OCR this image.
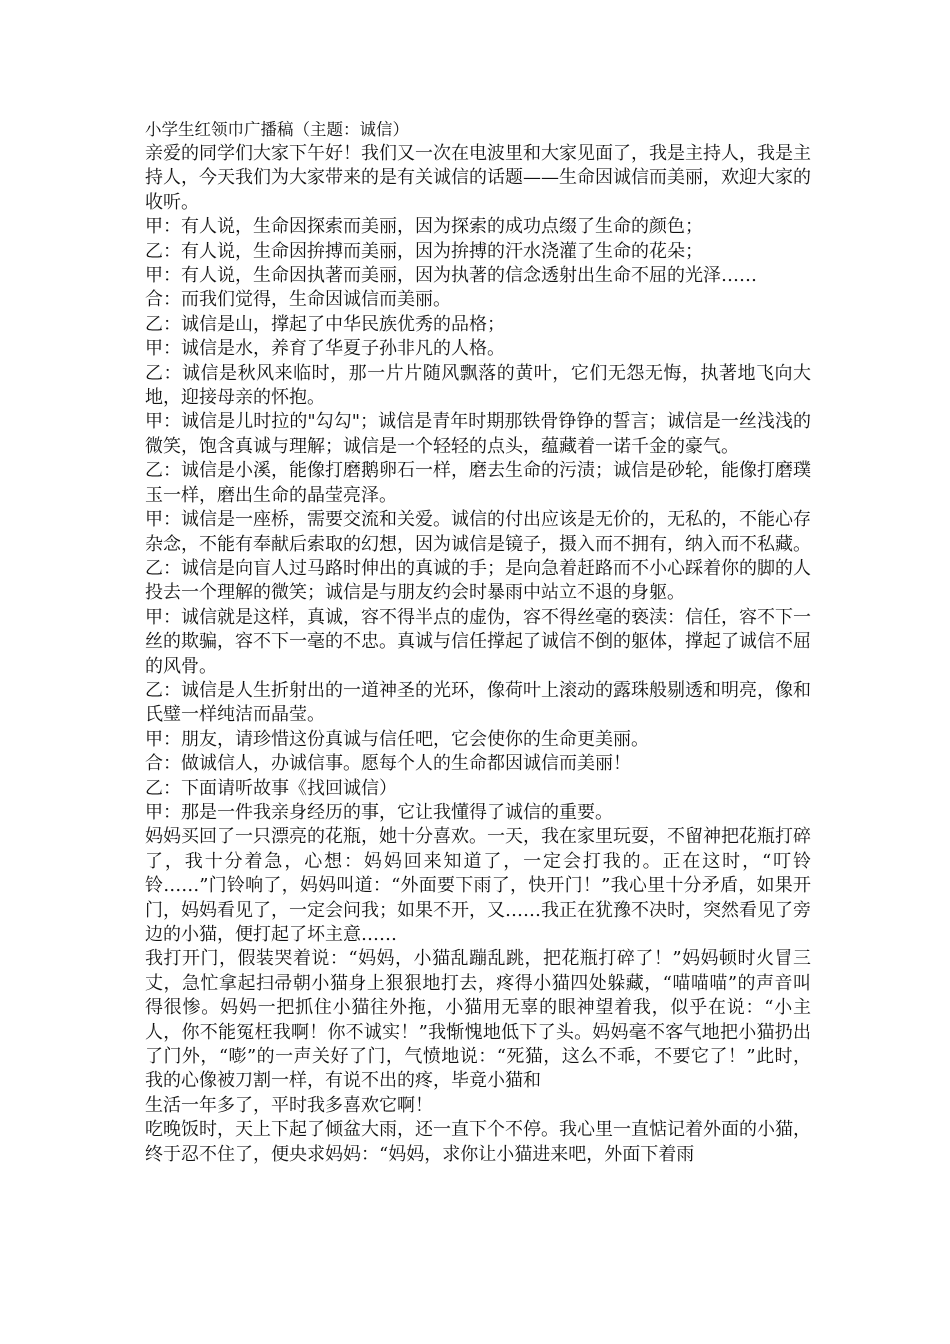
小学生红领巾广播稿（主题：诚信）

亲爱的同学们大家下午好！我们又一次在电波里和大家见面了，我是主持人，我是主持人，今天我们为大家带来的是有关诚信的话题——生命因诚信而美丽，欢迎大家的收听。

甲：有人说，生命因探索而美丽，因为探索的成功点缀了生命的颜色；

乙：有人说，生命因拚搏而美丽，因为拚搏的汗水浇灌了生命的花朵；

甲：有人说，生命因执著而美丽，因为执著的信念透射出生命不屈的光泽……

合：而我们觉得，生命因诚信而美丽。

乙：诚信是山，撑起了中华民族优秀的品格；

甲：诚信是水，养育了华夏子孙非凡的人格。

乙：诚信是秋风来临时，那一片片随风飘落的黄叶，它们无怨无悔，执著地飞向大地，迎接母亲的怀抱。

甲：诚信是儿时拉的"勾勾"；诚信是青年时期那铁骨铮铮的誓言；诚信是一丝浅浅的微笑，饱含真诚与理解；诚信是一个轻轻的点头，蕴藏着一诺千金的豪气。

乙：诚信是小溪，能像打磨鹅卵石一样，磨去生命的污渍；诚信是砂轮，能像打磨璞玉一样，磨出生命的晶莹亮泽。

甲：诚信是一座桥，需要交流和关爱。诚信的付出应该是无价的，无私的，不能心存杂念，不能有奉献后索取的幻想，因为诚信是镜子，摄入而不拥有，纳入而不私藏。

乙：诚信是向盲人过马路时伸出的真诚的手；是向急着赶路而不小心踩着你的脚的人投去一个理解的微笑；诚信是与朋友约会时暴雨中站立不退的身躯。

甲：诚信就是这样，真诚，容不得半点的虚伪，容不得丝毫的亵渎：信任，容不下一丝的欺骗，容不下一毫的不忠。真诚与信任撑起了诚信不倒的躯体，撑起了诚信不屈的风骨。

乙：诚信是人生折射出的一道神圣的光环，像荷叶上滚动的露珠般剔透和明亮，像和氏璧一样纯洁而晶莹。

甲：朋友，请珍惜这份真诚与信任吧，它会使你的生命更美丽。

合：做诚信人，办诚信事。愿每个人的生命都因诚信而美丽！

乙：下面请听故事《找回诚信）

甲：那是一件我亲身经历的事，它让我懂得了诚信的重要。

妈妈买回了一只漂亮的花瓶，她十分喜欢。一天，我在家里玩耍，不留神把花瓶打碎了，我十分着急，心想：妈妈回来知道了，一定会打我的。正在这时，“叮铃铃……”门铃响了，妈妈叫道：“外面要下雨了，快开门！”我心里十分矛盾，如果开门，妈妈看见了，一定会问我；如果不开，又……我正在犹豫不决时，突然看见了旁边的小猫，便打起了坏主意……

我打开门，假装哭着说：“妈妈，小猫乱蹦乱跳，把花瓶打碎了！”妈妈顿时火冒三丈，急忙拿起扫帚朝小猫身上狠狠地打去，疼得小猫四处躲藏，“喵喵喵”的声音叫得很惨。妈妈一把抓住小猫往外拖，小猫用无辜的眼神望着我，似乎在说：“小主人，你不能冤枉我啊！你不诚实！”我惭愧地低下了头。妈妈毫不客气地把小猫扔出了门外，“嘭”的一声关好了门，气愤地说：“死猫，这么不乖，不要它了！”此时，我的心像被刀割一样，有说不出的疼，毕竟小猫和

生活一年多了，平时我多喜欢它啊！

吃晚饭时，天上下起了倾盆大雨，还一直下个不停。我心里一直惦记着外面的小猫，终于忍不住了，便央求妈妈：“妈妈，求你让小猫进来吧，外面下着雨
